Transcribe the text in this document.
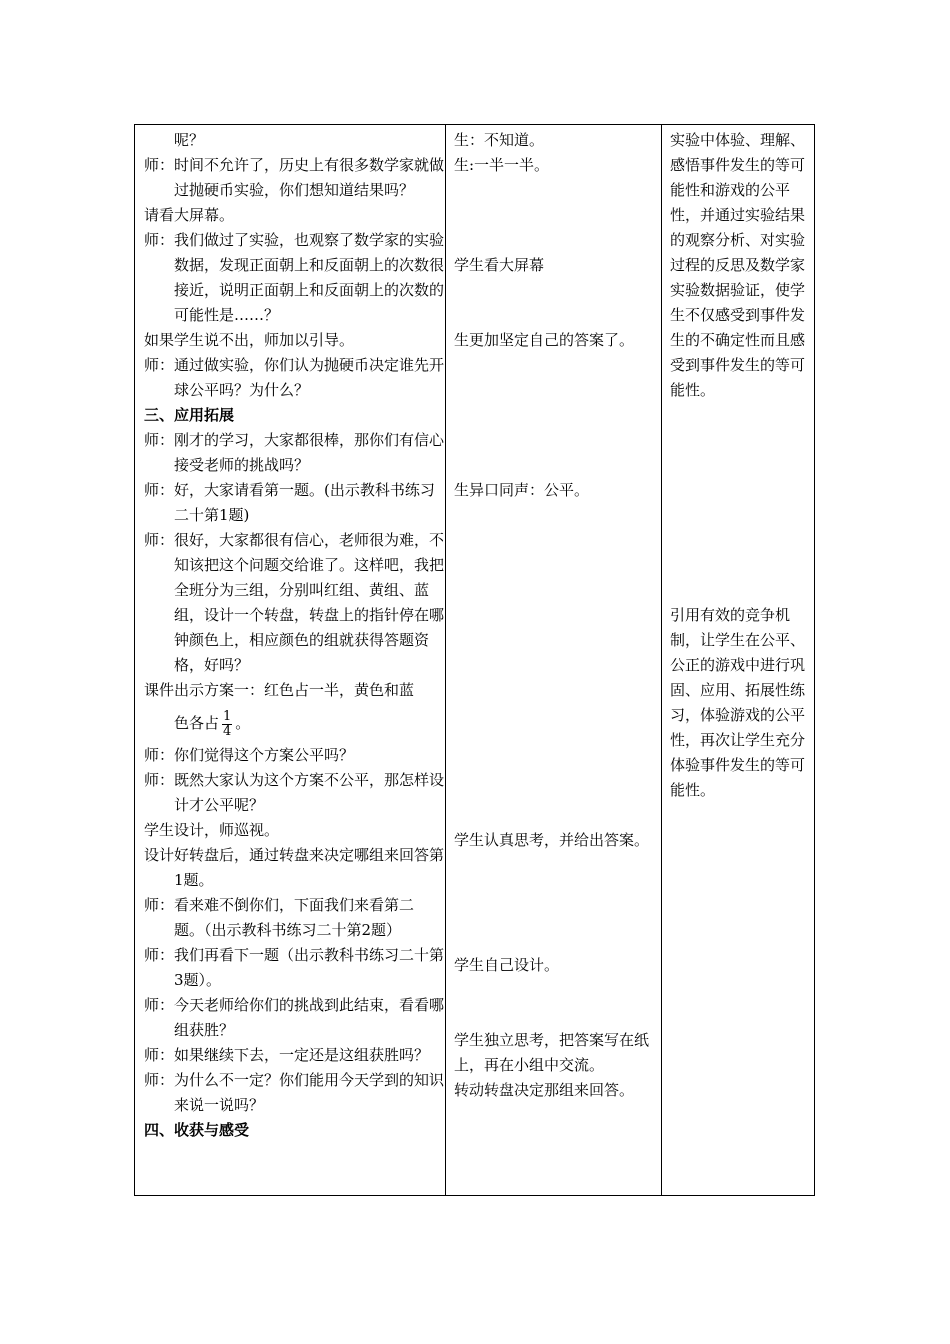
呢？

师：时间不允许了，历史上有很多数学家就做过抛硬币实验，你们想知道结果吗？

请看大屏幕。

师：我们做过了实验，也观察了数学家的实验数据，发现正面朝上和反面朝上的次数很接近，说明正面朝上和反面朝上的次数的可能性是……？

如果学生说不出，师加以引导。

师：通过做实验，你们认为抛硬币决定谁先开球公平吗？为什么？

三、应用拓展

师：刚才的学习，大家都很棒，那你们有信心接受老师的挑战吗？

师：好，大家请看第一题。(出示教科书练习二十第1题)

师：很好，大家都很有信心，老师很为难，不知该把这个问题交给谁了。这样吧，我把全班分为三组，分别叫红组、黄组、蓝组，设计一个转盘，转盘上的指针停在哪钟颜色上，相应颜色的组就获得答题资格，好吗？

课件出示方案一：红色占一半，黄色和蓝

色各占 $\frac{1}{4}$ 。

师：你们觉得这个方案公平吗？

师：既然大家认为这个方案不公平，那怎样设计才公平呢？

学生设计，师巡视。

设计好转盘后，通过转盘来决定哪组来回答第1题。

师：看来难不倒你们，下面我们来看第二题。（出示教科书练习二十第2题）

师：我们再看下一题（出示教科书练习二十第3题）。

师：今天老师给你们的挑战到此结束，看看哪组获胜？

师：如果继续下去，一定还是这组获胜吗？

师：为什么不一定？你们能用今天学到的知识来说一说吗？

四、收获与感受

生：不知道。

生:一半一半。

学生看大屏幕

生更加坚定自己的答案了。

生异口同声：公平。

学生认真思考，并给出答案。

学生自己设计。

学生独立思考，把答案写在纸上，再在小组中交流。

转动转盘决定那组来回答。

实验中体验、理解、感悟事件发生的等可能性和游戏的公平性，并通过实验结果的观察分析、对实验过程的反思及数学家实验数据验证，使学生不仅感受到事件发生的不确定性而且感受到事件发生的等可能性。

引用有效的竞争机制，让学生在公平、公正的游戏中进行巩固、应用、拓展性练习，体验游戏的公平性，再次让学生充分体验事件发生的等可能性。
